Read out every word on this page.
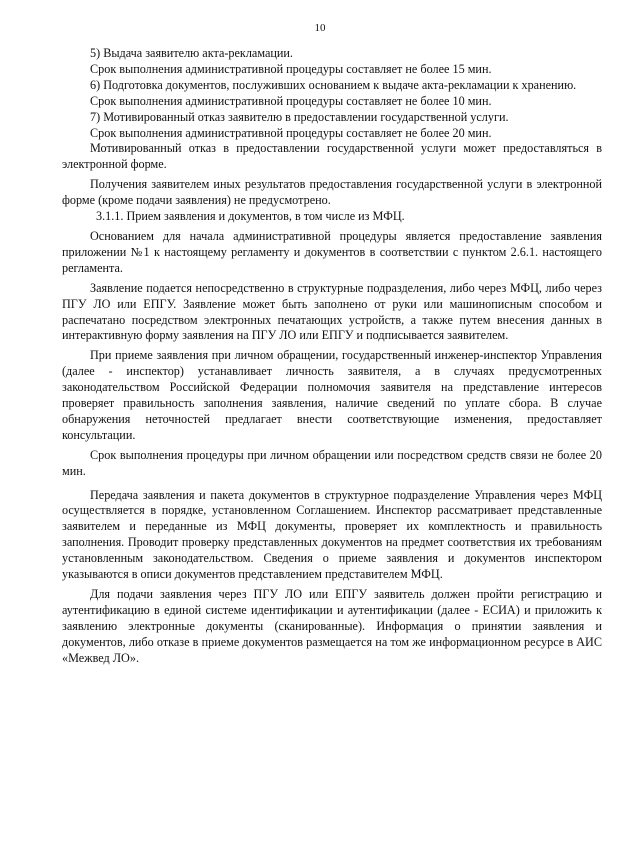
10

5) Выдача заявителю акта-рекламации.

Срок выполнения административной процедуры составляет не более 15 мин.

6) Подготовка документов, послуживших основанием к выдаче акта-рекламации к хранению.

Срок выполнения административной процедуры составляет не более 10 мин.

7) Мотивированный отказ заявителю в предоставлении государственной услуги.

Срок выполнения административной процедуры составляет не более 20 мин.

Мотивированный отказ в предоставлении государственной услуги может предоставляться в электронной форме.

Получения заявителем иных результатов предоставления государственной услуги в электронной форме (кроме подачи заявления) не предусмотрено.

3.1.1. Прием заявления и документов, в том числе из МФЦ.

Основанием для начала административной процедуры является предоставление заявления приложении №1 к настоящему регламенту и документов в соответствии с пунктом 2.6.1. настоящего регламента.

Заявление подается непосредственно в структурные подразделения, либо через МФЦ, либо через ПГУ ЛО или ЕПГУ. Заявление может быть заполнено от руки или машинописным способом и распечатано посредством электронных печатающих устройств, а также путем внесения данных в интерактивную форму заявления на ПГУ ЛО или ЕПГУ и подписывается заявителем.

При приеме заявления при личном обращении, государственный инженер-инспектор Управления (далее - инспектор) устанавливает личность заявителя, а в случаях предусмотренных законодательством Российской Федерации полномочия заявителя на представление интересов проверяет правильность заполнения заявления, наличие сведений по уплате сбора. В случае обнаружения неточностей предлагает внести соответствующие изменения, предоставляет консультации.

Срок выполнения процедуры при личном обращении или посредством средств связи не более 20 мин.

Передача заявления и пакета документов в структурное подразделение Управления через МФЦ осуществляется в порядке, установленном Соглашением. Инспектор рассматривает представленные заявителем и переданные из МФЦ документы, проверяет их комплектность и правильность заполнения. Проводит проверку представленных документов на предмет соответствия их требованиям установленным законодательством. Сведения о приеме заявления и документов инспектором указываются в описи документов представлением представителем МФЦ.

Для подачи заявления через ПГУ ЛО или ЕПГУ заявитель должен пройти регистрацию и аутентификацию в единой системе идентификации и аутентификации (далее - ЕСИА) и приложить к заявлению электронные документы (сканированные). Информация о принятии заявления и документов, либо отказе в приеме документов размещается на том же информационном ресурсе в АИС «Межвед ЛО».
